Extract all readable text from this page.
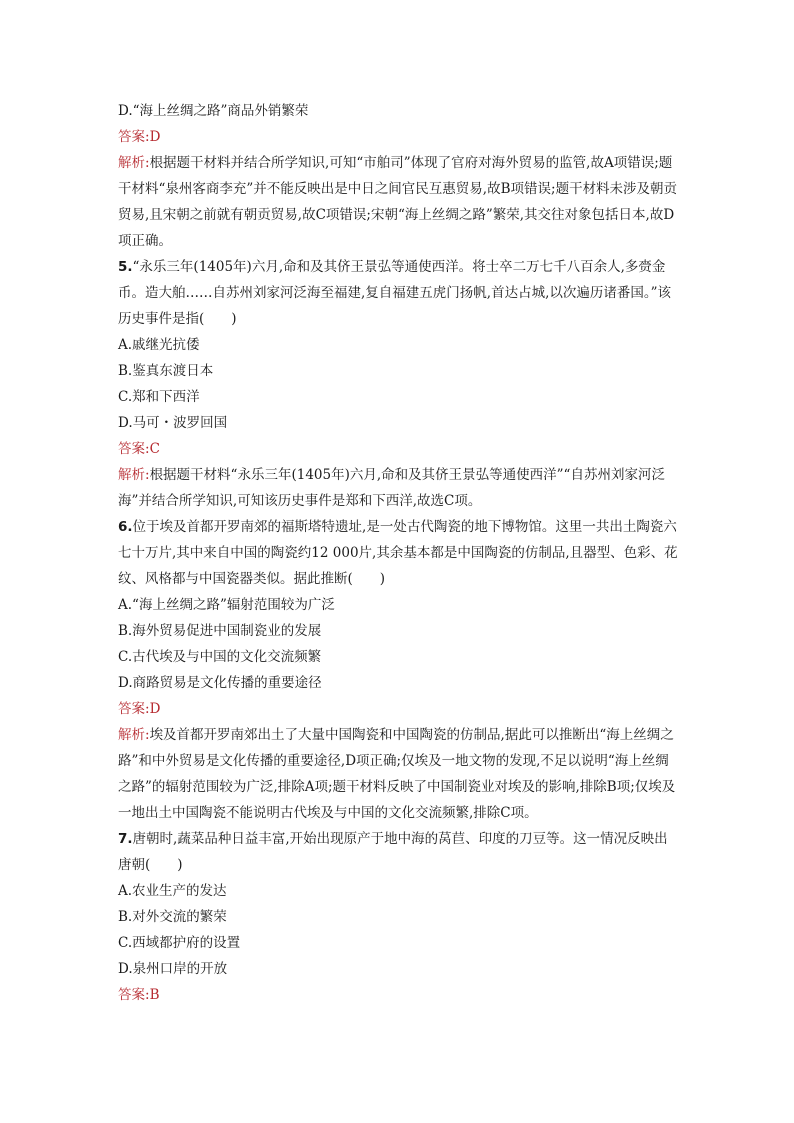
D.“海上丝绸之路”商品外销繁荣

答案:D

解析:根据题干材料并结合所学知识,可知“市舶司”体现了官府对海外贸易的监管,故A项错误;题干材料“泉州客商李充”并不能反映出是中日之间官民互惠贸易,故B项错误;题干材料未涉及朝贡贸易,且宋朝之前就有朝贡贸易,故C项错误;宋朝“海上丝绸之路”繁荣,其交往对象包括日本,故D项正确。

5.“永乐三年(1405年)六月,命和及其侪王景弘等通使西洋。将士卒二万七千八百余人,多赍金币。造大舶……自苏州刘家河泛海至福建,复自福建五虎门扬帆,首达占城,以次遍历诸番国。”该历史事件是指(　　)

A.戚继光抗倭

B.鉴真东渡日本

C.郑和下西洋

D.马可・波罗回国

答案:C

解析:根据题干材料“永乐三年(1405年)六月,命和及其侪王景弘等通使西洋”“自苏州刘家河泛海”并结合所学知识,可知该历史事件是郑和下西洋,故选C项。

6.位于埃及首都开罗南郊的福斯塔特遗址,是一处古代陶瓷的地下博物馆。这里一共出土陶瓷六七十万片,其中来自中国的陶瓷约12 000片,其余基本都是中国陶瓷的仿制品,且器型、色彩、花纹、风格都与中国瓷器类似。据此推断(　　)

A.“海上丝绸之路”辐射范围较为广泛

B.海外贸易促进中国制瓷业的发展

C.古代埃及与中国的文化交流频繁

D.商路贸易是文化传播的重要途径

答案:D

解析:埃及首都开罗南郊出土了大量中国陶瓷和中国陶瓷的仿制品,据此可以推断出“海上丝绸之路”和中外贸易是文化传播的重要途径,D项正确;仅埃及一地文物的发现,不足以说明“海上丝绸之路”的辐射范围较为广泛,排除A项;题干材料反映了中国制瓷业对埃及的影响,排除B项;仅埃及一地出土中国陶瓷不能说明古代埃及与中国的文化交流频繁,排除C项。

7.唐朝时,蔬菜品种日益丰富,开始出现原产于地中海的莴苣、印度的刀豆等。这一情况反映出唐朝(　　)

A.农业生产的发达

B.对外交流的繁荣

C.西域都护府的设置

D.泉州口岸的开放

答案:B
